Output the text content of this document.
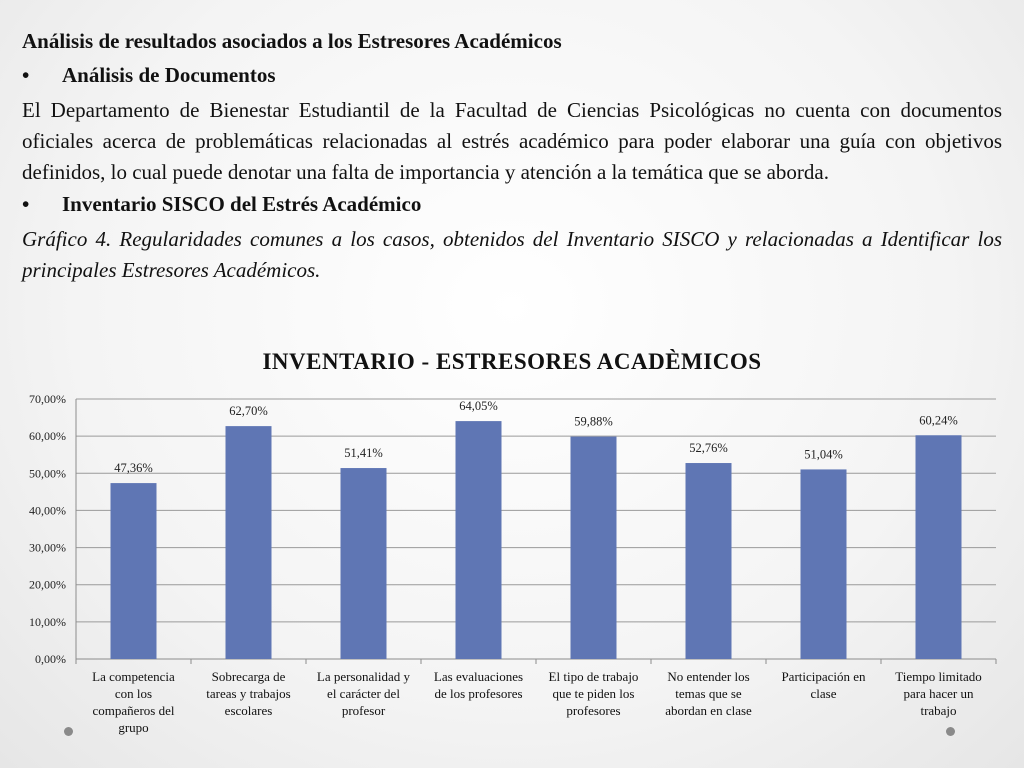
Análisis de resultados asociados a los Estresores Académicos

•	Análisis de Documentos

El Departamento de Bienestar Estudiantil de la Facultad de Ciencias Psicológicas no cuenta con documentos oficiales acerca de problemáticas relacionadas al estrés académico para poder elaborar una guía con objetivos definidos, lo cual puede denotar una falta de importancia y atención a la temática que se aborda.

•	Inventario SISCO del Estrés Académico

Gráfico 4. Regularidades comunes a los casos, obtenidos del Inventario SISCO y relacionadas a Identificar los principales Estresores Académicos.

INVENTARIO - ESTRESORES ACADÈMICOS
0,00%
10,00%
20,00%
30,00%
40,00%
50,00%
60,00%
70,00%
47,36%
La competencia
con los
compañeros del
grupo
62,70%
Sobrecarga de
tareas y trabajos
escolares
51,41%
La personalidad y
el carácter del
profesor
64,05%
Las evaluaciones
de los profesores
59,88%
El tipo de trabajo
que te piden los
profesores
52,76%
No entender los
temas que se
abordan en clase
51,04%
Participación en
clase
60,24%
Tiempo limitado
para hacer un
trabajo
